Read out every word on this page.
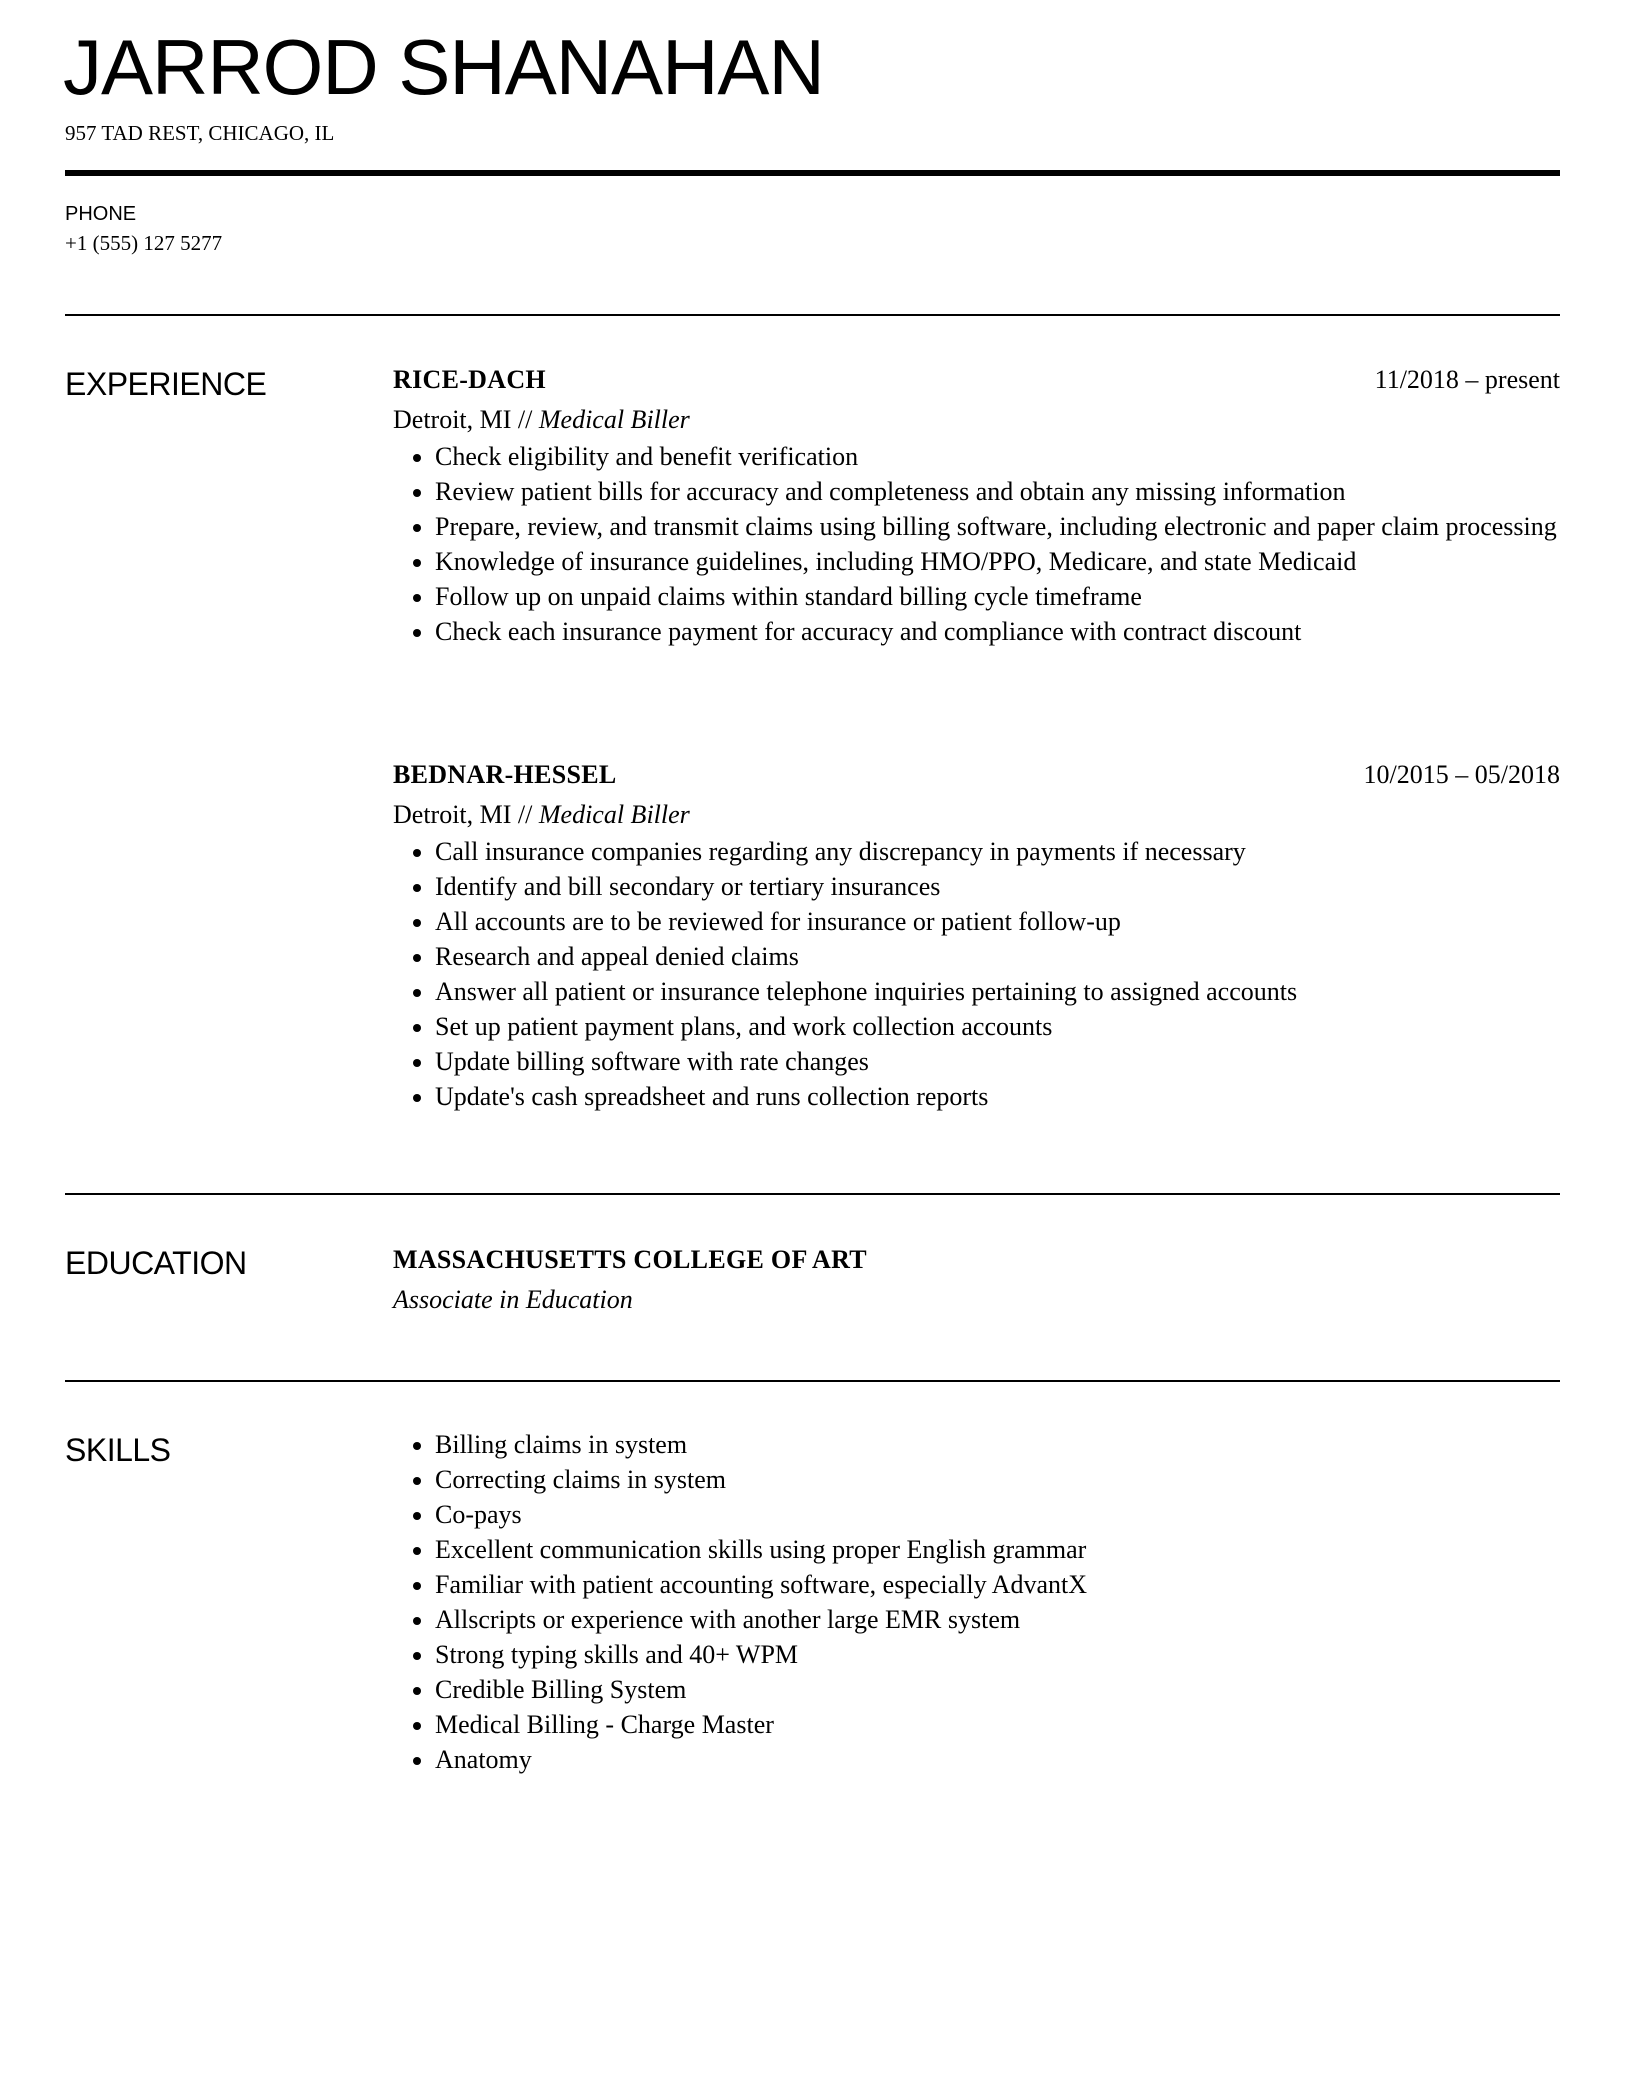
JARROD SHANAHAN
957 TAD REST, CHICAGO, IL
PHONE
+1 (555) 127 5277
EXPERIENCE	RICE-DACH	11/2018 – present
Detroit, MI // Medical Biller
• Check eligibility and benefit verification
• Review patient bills for accuracy and completeness and obtain any missing information
• Prepare, review, and transmit claims using billing software, including electronic and paper claim processing
• Knowledge of insurance guidelines, including HMO/PPO, Medicare, and state Medicaid
• Follow up on unpaid claims within standard billing cycle timeframe
• Check each insurance payment for accuracy and compliance with contract discount
BEDNAR-HESSEL	10/2015 – 05/2018
Detroit, MI // Medical Biller
• Call insurance companies regarding any discrepancy in payments if necessary
• Identify and bill secondary or tertiary insurances
• All accounts are to be reviewed for insurance or patient follow-up
• Research and appeal denied claims
• Answer all patient or insurance telephone inquiries pertaining to assigned accounts
• Set up patient payment plans, and work collection accounts
• Update billing software with rate changes
• Update's cash spreadsheet and runs collection reports
EDUCATION	MASSACHUSETTS COLLEGE OF ART
Associate in Education
SKILLS	• Billing claims in system
• Correcting claims in system
• Co-pays
• Excellent communication skills using proper English grammar
• Familiar with patient accounting software, especially AdvantX
• Allscripts or experience with another large EMR system
• Strong typing skills and 40+ WPM
• Credible Billing System
• Medical Billing - Charge Master
• Anatomy
